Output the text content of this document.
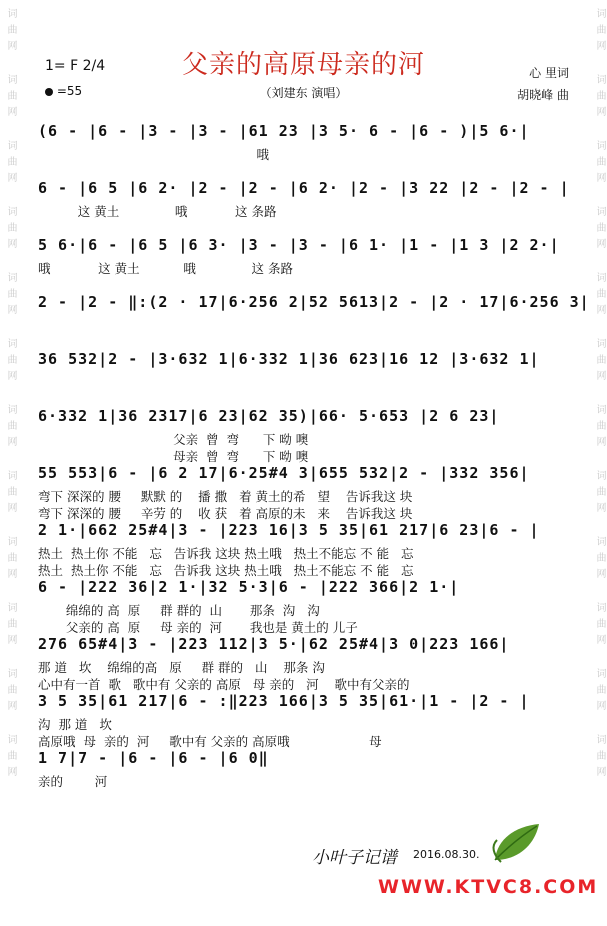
词
曲
网
词
曲
网
词
曲
网
词
曲
网
词
曲
网
词
曲
网
词
曲
网
词
曲
网
词
曲
网
词
曲
网
词
曲
网
词
曲
网
词
曲
网
词
曲
网
词
曲
网
词
曲
网
词
曲
网
词
曲
网
词
曲
网
词
曲
网
词
曲
网
词
曲
网
词
曲
网
词
曲
网
1= F 2/4
=55
父亲的高原母亲的河
（刘建东 演唱）
心 里词
胡晓峰 曲
(6 - |6 - |3 - |3 - |61 23 |3 5· 6 - |6 - )|5 6·|
哦
6 - |6 5 |6 2· |2 - |2 - |6 2· |2 - |3 22 |2 - |2 - |
这 黄土              哦            这 条路
5 6·|6 - |6 5 |6 3· |3 - |3 - |6 1· |1 - |1 3 |2 2·|
哦            这 黄土           哦              这 条路
2 - |2 - ‖:(2 · 17|6·256 2|52 5613|2 - |2 · 17|6·256 3|
36 532|2 - |3·632 1|6·332 1|36 623|16 12 |3·632 1|
6·332 1|36 2317|6 23|62 35)|66· 5·653 |2 6 23|
父亲  曾  弯      下 呦 噢
母亲  曾  弯      下 呦 噢
55 553|6 - |6 2 17|6·25#4 3|655 532|2 - |332 356|
弯下 深深的 腰     默默 的    播 撒   着 黄土的希   望    告诉我这 块
弯下 深深的 腰     辛劳 的    收 获   着 高原的未   来    告诉我这 块
2 1·|662 25#4|3 - |223 16|3 5 35|61 217|6 23|6 - |
热土  热土你 不能   忘   告诉我 这块 热土哦   热土不能忘 不 能   忘
热土  热土你 不能   忘   告诉我 这块 热土哦   热土不能忘 不 能   忘
6 - |222 36|2 1·|32 5·3|6 - |222 366|2 1·|
绵绵的 高  原     群 群的  山       那条  沟   沟
父亲的 高  原     母 亲的  河       我也是 黄土的 儿子
276 65#4|3 - |223 112|3 5·|62 25#4|3 0|223 166|
那 道   坎    绵绵的高   原     群 群的   山    那条 沟
心中有一首  歌   歌中有 父亲的 高原   母 亲的   河    歌中有父亲的
3 5 35|61 217|6 - :‖223 166|3 5 35|61·|1 - |2 - |
沟  那 道   坎
高原哦  母  亲的  河     歌中有 父亲的 高原哦                    母
1 7|7 - |6 - |6 - |6 0‖
亲的        河
小叶子记谱 2016.08.30.
WWW.KTVC8.COM
